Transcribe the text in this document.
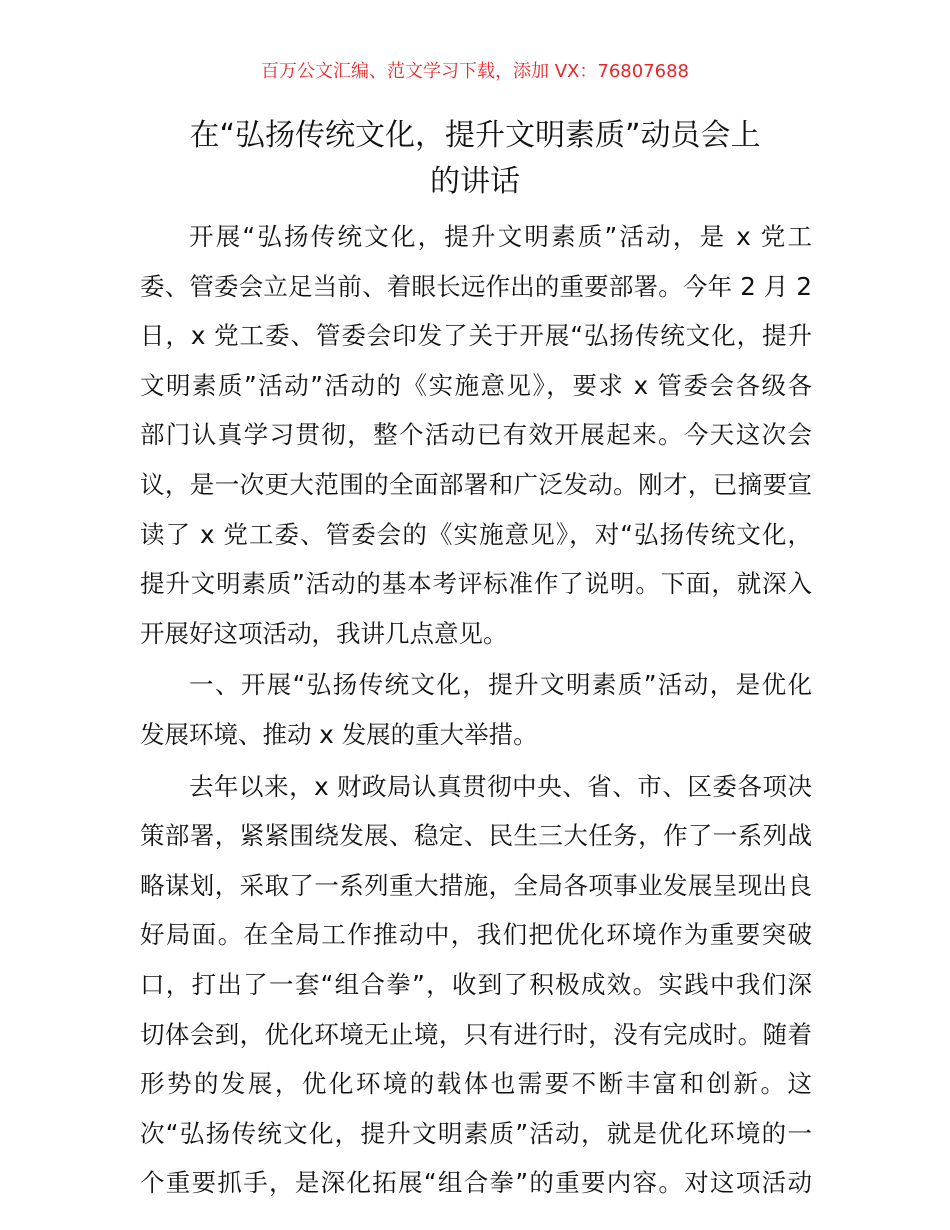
百万公文汇编、范文学习下载，添加 VX：76807688
在“弘扬传统文化，提升文明素质”动员会上
的讲话
开展“弘扬传统文化，提升文明素质”活动，是 x 党工
委、管委会立足当前、着眼长远作出的重要部署。今年 2 月 2
日，x 党工委、管委会印发了关于开展“弘扬传统文化，提升
文明素质”活动”活动的《实施意见》，要求 x 管委会各级各
部门认真学习贯彻，整个活动已有效开展起来。今天这次会
议，是一次更大范围的全面部署和广泛发动。刚才，已摘要宣
读了 x 党工委、管委会的《实施意见》，对“弘扬传统文化，
提升文明素质”活动的基本考评标准作了说明。下面，就深入
开展好这项活动，我讲几点意见。
一、开展“弘扬传统文化，提升文明素质”活动，是优化
发展环境、推动 x 发展的重大举措。
去年以来，x 财政局认真贯彻中央、省、市、区委各项决
策部署，紧紧围绕发展、稳定、民生三大任务，作了一系列战
略谋划，采取了一系列重大措施，全局各项事业发展呈现出良
好局面。在全局工作推动中，我们把优化环境作为重要突破
口，打出了一套“组合拳”，收到了积极成效。实践中我们深
切体会到，优化环境无止境，只有进行时，没有完成时。随着
形势的发展，优化环境的载体也需要不断丰富和创新。这
次“弘扬传统文化，提升文明素质”活动，就是优化环境的一
个重要抓手，是深化拓展“组合拳”的重要内容。对这项活动
